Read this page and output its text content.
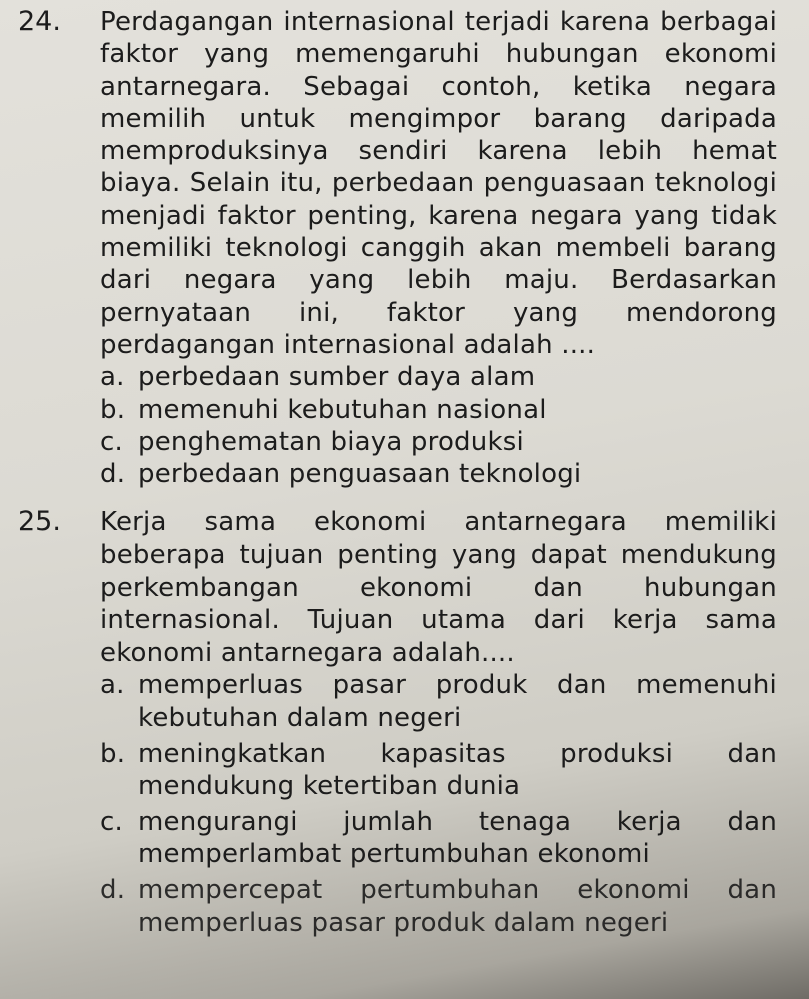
24.	Perdagangan internasional terjadi karena berbagai faktor yang memengaruhi hubungan ekonomi antarnegara. Sebagai contoh, ketika negara memilih untuk mengimpor barang daripada memproduksinya sendiri karena lebih hemat biaya. Selain itu, perbedaan penguasaan teknologi menjadi faktor penting, karena negara yang tidak memiliki teknologi canggih akan membeli barang dari negara yang lebih maju. Berdasarkan pernyataan ini, faktor yang mendorong perdagangan internasional adalah ....

a. perbedaan sumber daya alam
b. memenuhi kebutuhan nasional
c. penghematan biaya produksi
d. perbedaan penguasaan teknologi
25.	Kerja sama ekonomi antarnegara memiliki beberapa tujuan penting yang dapat mendukung perkembangan ekonomi dan hubungan internasional. Tujuan utama dari kerja sama ekonomi antarnegara adalah....

a. memperluas pasar produk dan memenuhi kebutuhan dalam negeri
b. meningkatkan kapasitas produksi dan mendukung ketertiban dunia
c. mengurangi jumlah tenaga kerja dan memperlambat pertumbuhan ekonomi
d. mempercepat pertumbuhan ekonomi dan memperluas pasar produk dalam negeri
